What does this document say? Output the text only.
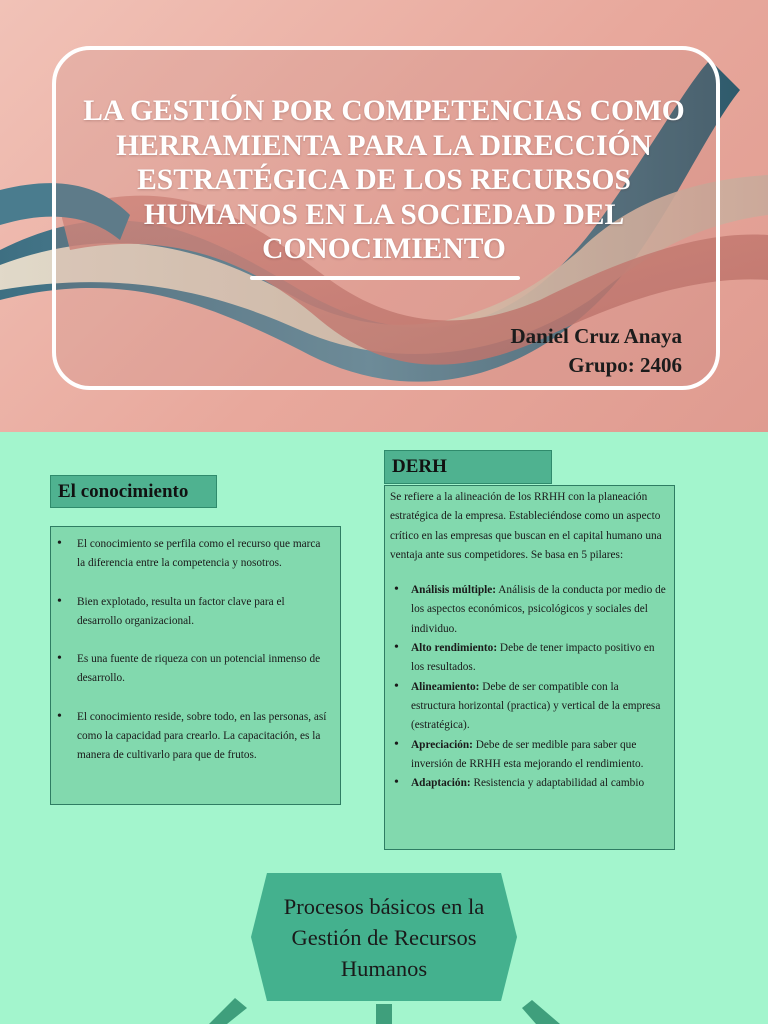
LA GESTIÓN POR COMPETENCIAS COMO HERRAMIENTA PARA LA DIRECCIÓN ESTRATÉGICA DE LOS RECURSOS HUMANOS EN LA SOCIEDAD DEL CONOCIMIENTO
Daniel Cruz Anaya
Grupo: 2406
El conocimiento
• El conocimiento se perfila como el recurso que marca la diferencia entre la competencia y nosotros.
• Bien explotado, resulta un factor clave para el desarrollo organizacional.
• Es una fuente de riqueza con un potencial inmenso de desarrollo.
• El conocimiento reside, sobre todo, en las personas, así como la capacidad para crearlo. La capacitación, es la manera de cultivarlo para que de frutos.
DERH

Se refiere a la alineación de los RRHH con la planeación estratégica de la empresa. Estableciéndose como un aspecto crítico en las empresas que buscan en el capital humano una ventaja ante sus competidores. Se basa en 5 pilares:

• Análisis múltiple: Análisis de la conducta por medio de los aspectos económicos, psicológicos y sociales del individuo.
• Alto rendimiento: Debe de tener impacto positivo en los resultados.
• Alineamiento: Debe de ser compatible con la estructura horizontal (practica) y vertical de la empresa (estratégica).
• Apreciación: Debe de ser medible para saber que inversión de RRHH esta mejorando el rendimiento.
• Adaptación: Resistencia y adaptabilidad al cambio
Procesos básicos en la Gestión de Recursos Humanos
